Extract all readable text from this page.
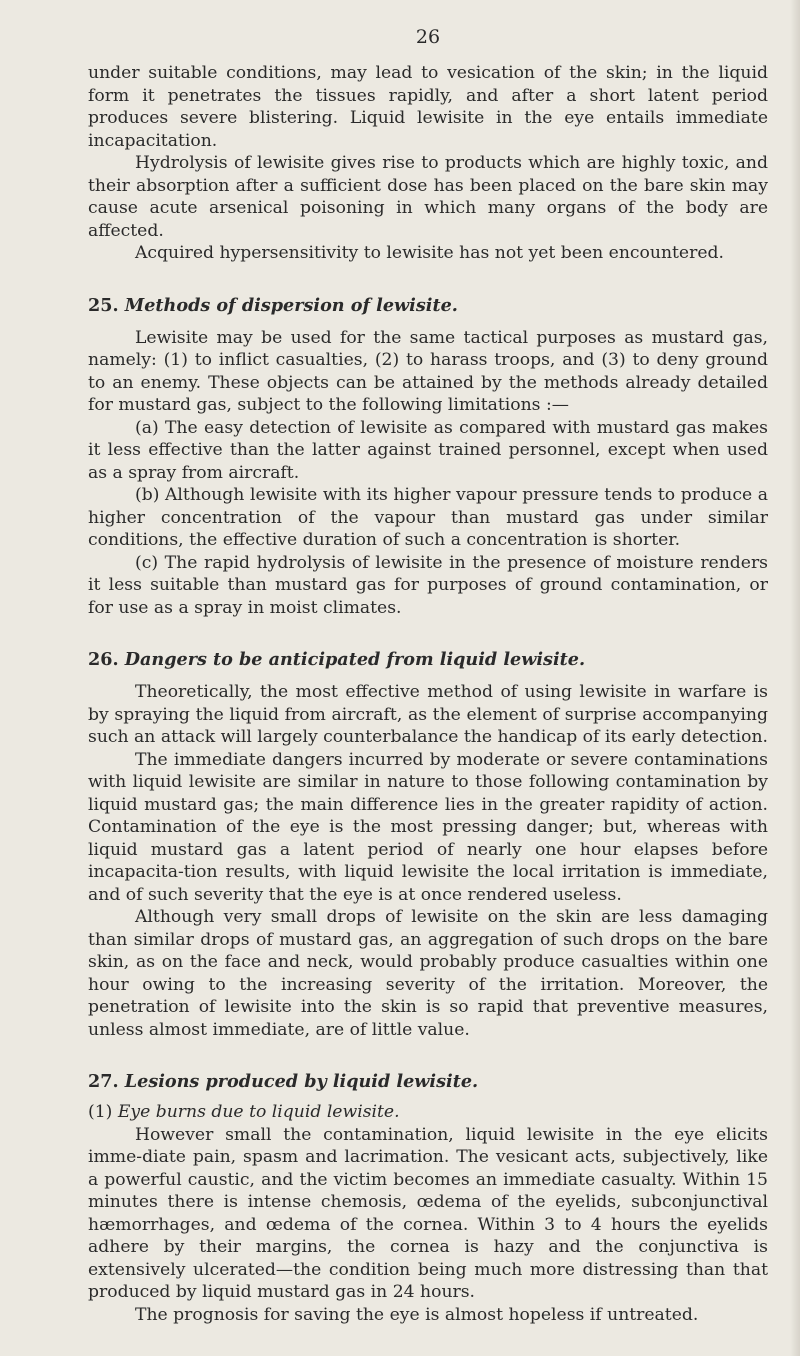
26

under suitable conditions, may lead to vesication of the skin; in the liquid form it penetrates the tissues rapidly, and after a short latent period produces severe blistering. Liquid lewisite in the eye entails immediate incapacitation.

Hydrolysis of lewisite gives rise to products which are highly toxic, and their absorption after a sufficient dose has been placed on the bare skin may cause acute arsenical poisoning in which many organs of the body are affected.

Acquired hypersensitivity to lewisite has not yet been encountered.

25. Methods of dispersion of lewisite.

Lewisite may be used for the same tactical purposes as mustard gas, namely: (1) to inflict casualties, (2) to harass troops, and (3) to deny ground to an enemy. These objects can be attained by the methods already detailed for mustard gas, subject to the following limitations :—

(a) The easy detection of lewisite as compared with mustard gas makes it less effective than the latter against trained personnel, except when used as a spray from aircraft.

(b) Although lewisite with its higher vapour pressure tends to produce a higher concentration of the vapour than mustard gas under similar conditions, the effective duration of such a concentration is shorter.

(c) The rapid hydrolysis of lewisite in the presence of moisture renders it less suitable than mustard gas for purposes of ground contamination, or for use as a spray in moist climates.

26. Dangers to be anticipated from liquid lewisite.

Theoretically, the most effective method of using lewisite in warfare is by spraying the liquid from aircraft, as the element of surprise accompanying such an attack will largely counterbalance the handicap of its early detection.

The immediate dangers incurred by moderate or severe contaminations with liquid lewisite are similar in nature to those following contamination by liquid mustard gas; the main difference lies in the greater rapidity of action. Contamination of the eye is the most pressing danger; but, whereas with liquid mustard gas a latent period of nearly one hour elapses before incapacita-tion results, with liquid lewisite the local irritation is immediate, and of such severity that the eye is at once rendered useless.

Although very small drops of lewisite on the skin are less damaging than similar drops of mustard gas, an aggregation of such drops on the bare skin, as on the face and neck, would probably produce casualties within one hour owing to the increasing severity of the irritation. Moreover, the penetration of lewisite into the skin is so rapid that preventive measures, unless almost immediate, are of little value.

27. Lesions produced by liquid lewisite.

(1) Eye burns due to liquid lewisite.

However small the contamination, liquid lewisite in the eye elicits imme-diate pain, spasm and lacrimation. The vesicant acts, subjectively, like a powerful caustic, and the victim becomes an immediate casualty. Within 15 minutes there is intense chemosis, œdema of the eyelids, subconjunctival hæmorrhages, and œdema of the cornea. Within 3 to 4 hours the eyelids adhere by their margins, the cornea is hazy and the conjunctiva is extensively ulcerated—the condition being much more distressing than that produced by liquid mustard gas in 24 hours.

The prognosis for saving the eye is almost hopeless if untreated.
